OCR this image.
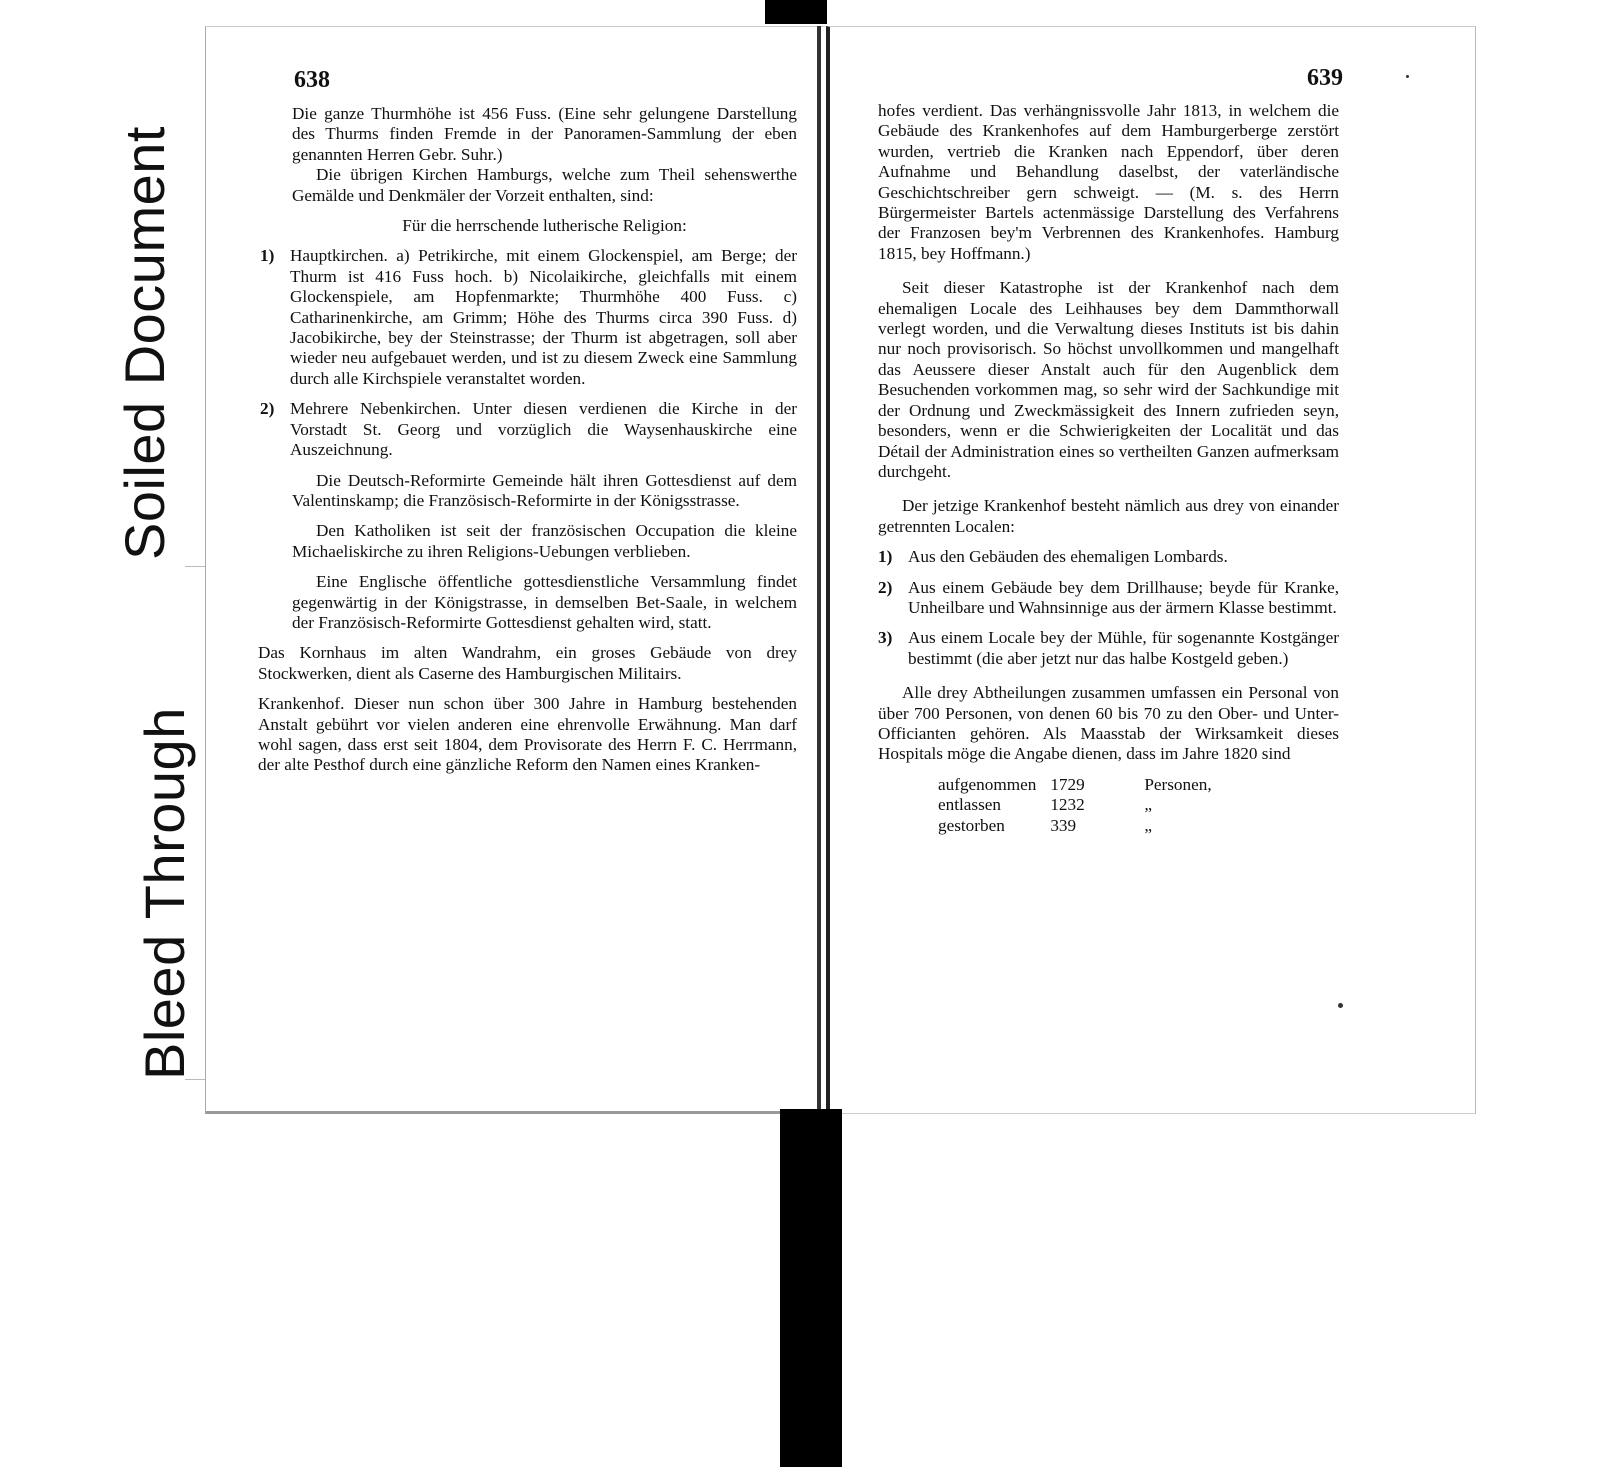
Soiled Document
Bleed Through
638

Die ganze Thurmhöhe ist 456 Fuss. (Eine sehr gelungene Darstellung des Thurms finden Fremde in der Panoramen-Sammlung der eben genannten Herren Gebr. Suhr.)

Die übrigen Kirchen Hamburgs, welche zum Theil sehenswerthe Gemälde und Denkmäler der Vorzeit enthalten, sind:

Für die herrschende lutherische Religion:

1) Hauptkirchen. a) Petrikirche, mit einem Glockenspiel, am Berge; der Thurm ist 416 Fuss hoch. b) Nicolaikirche, gleichfalls mit einem Glockenspiele, am Hopfenmarkte; Thurmhöhe 400 Fuss. c) Catharinenkirche, am Grimm; Höhe des Thurms circa 390 Fuss. d) Jacobikirche, bey der Steinstrasse; der Thurm ist abgetragen, soll aber wieder neu aufgebauet werden, und ist zu diesem Zweck eine Sammlung durch alle Kirchspiele veranstaltet worden.
2) Mehrere Nebenkirchen. Unter diesen verdienen die Kirche in der Vorstadt St. Georg und vorzüglich die Waysenhauskirche eine Auszeichnung.

Die Deutsch-Reformirte Gemeinde hält ihren Gottesdienst auf dem Valentinskamp; die Französisch-Reformirte in der Königsstrasse.

Den Katholiken ist seit der französischen Occupation die kleine Michaeliskirche zu ihren Religions-Uebungen verblieben.

Eine Englische öffentliche gottesdienstliche Versammlung findet gegenwärtig in der Königstrasse, in demselben Bet-Saale, in welchem der Französisch-Reformirte Gottesdienst gehalten wird, statt.

Das Kornhaus im alten Wandrahm, ein groses Gebäude von drey Stockwerken, dient als Caserne des Hamburgischen Militairs.

Krankenhof. Dieser nun schon über 300 Jahre in Hamburg bestehenden Anstalt gebührt vor vielen anderen eine ehrenvolle Erwähnung. Man darf wohl sagen, dass erst seit 1804, dem Provisorate des Herrn F. C. Herrmann, der alte Pesthof durch eine gänzliche Reform den Namen eines Kranken-

639

hofes verdient. Das verhängnissvolle Jahr 1813, in welchem die Gebäude des Krankenhofes auf dem Hamburgerberge zerstört wurden, vertrieb die Kranken nach Eppendorf, über deren Aufnahme und Behandlung daselbst, der vaterländische Geschichtschreiber gern schweigt. — (M. s. des Herrn Bürgermeister Bartels actenmässige Darstellung des Verfahrens der Franzosen bey'm Verbrennen des Krankenhofes. Hamburg 1815, bey Hoffmann.)

Seit dieser Katastrophe ist der Krankenhof nach dem ehemaligen Locale des Leihhauses bey dem Dammthorwall verlegt worden, und die Verwaltung dieses Instituts ist bis dahin nur noch provisorisch. So höchst unvollkommen und mangelhaft das Aeussere dieser Anstalt auch für den Augenblick dem Besuchenden vorkommen mag, so sehr wird der Sachkundige mit der Ordnung und Zweckmässigkeit des Innern zufrieden seyn, besonders, wenn er die Schwierigkeiten der Localität und das Détail der Administration eines so vertheilten Ganzen aufmerksam durchgeht.

Der jetzige Krankenhof besteht nämlich aus drey von einander getrennten Localen:

1) Aus den Gebäuden des ehemaligen Lombards.
2) Aus einem Gebäude bey dem Drillhause; beyde für Kranke, Unheilbare und Wahnsinnige aus der ärmern Klasse bestimmt.
3) Aus einem Locale bey der Mühle, für sogenannte Kostgänger bestimmt (die aber jetzt nur das halbe Kostgeld geben.)

Alle drey Abtheilungen zusammen umfassen ein Personal von über 700 Personen, von denen 60 bis 70 zu den Ober- und Unter-Officianten gehören. Als Maasstab der Wirksamkeit dieses Hospitals möge die Angabe dienen, dass im Jahre 1820 sind

aufgenommen	1729	Personen,
entlassen	1232	„
gestorben	339	„
